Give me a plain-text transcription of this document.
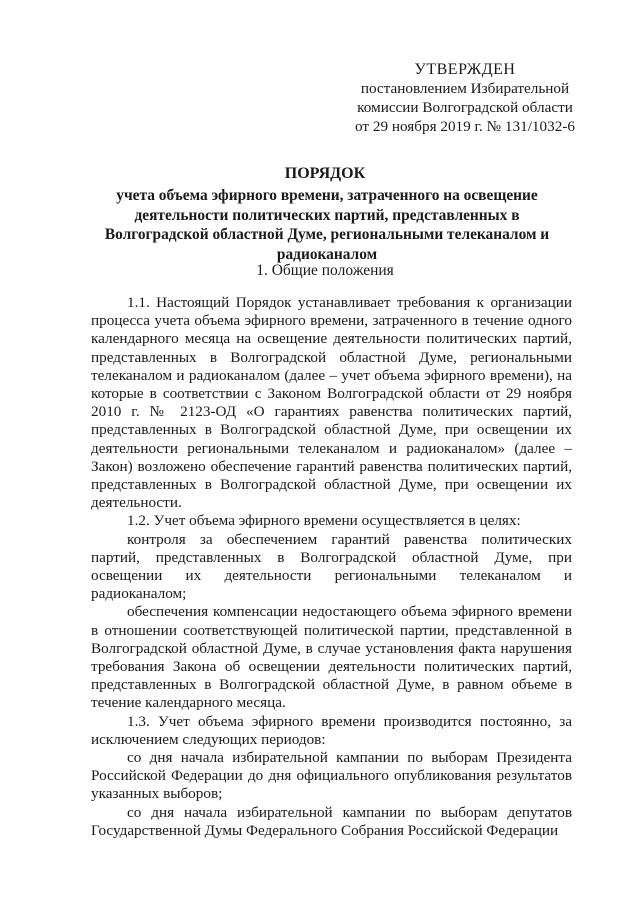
УТВЕРЖДЕН
постановлением Избирательной
комиссии Волгоградской области
от 29 ноября 2019 г. № 131/1032-6
ПОРЯДОК
учета объема эфирного времени, затраченного на освещение деятельности политических партий, представленных в Волгоградской областной Думе, региональными телеканалом и радиоканалом
1. Общие положения

1.1. Настоящий Порядок устанавливает требования к организации процесса учета объема эфирного времени, затраченного в течение одного календарного месяца на освещение деятельности политических партий, представленных в Волгоградской областной Думе, региональными телеканалом и радиоканалом (далее – учет объема эфирного времени), на которые в соответствии с Законом Волгоградской области от 29 ноября 2010 г. № 2123-ОД «О гарантиях равенства политических партий, представленных в Волгоградской областной Думе, при освещении их деятельности региональными телеканалом и радиоканалом» (далее – Закон) возложено обеспечение гарантий равенства политических партий, представленных в Волгоградской областной Думе, при освещении их деятельности.

1.2. Учет объема эфирного времени осуществляется в целях:

контроля за обеспечением гарантий равенства политических партий, представленных в Волгоградской областной Думе, при освещении их деятельности региональными телеканалом и радиоканалом;

обеспечения компенсации недостающего объема эфирного времени в отношении соответствующей политической партии, представленной в Волгоградской областной Думе, в случае установления факта нарушения требования Закона об освещении деятельности политических партий, представленных в Волгоградской областной Думе, в равном объеме в течение календарного месяца.

1.3. Учет объема эфирного времени производится постоянно, за исключением следующих периодов:

со дня начала избирательной кампании по выборам Президента Российской Федерации до дня официального опубликования результатов указанных выборов;

со дня начала избирательной кампании по выборам депутатов Государственной Думы Федерального Собрания Российской Федерации
